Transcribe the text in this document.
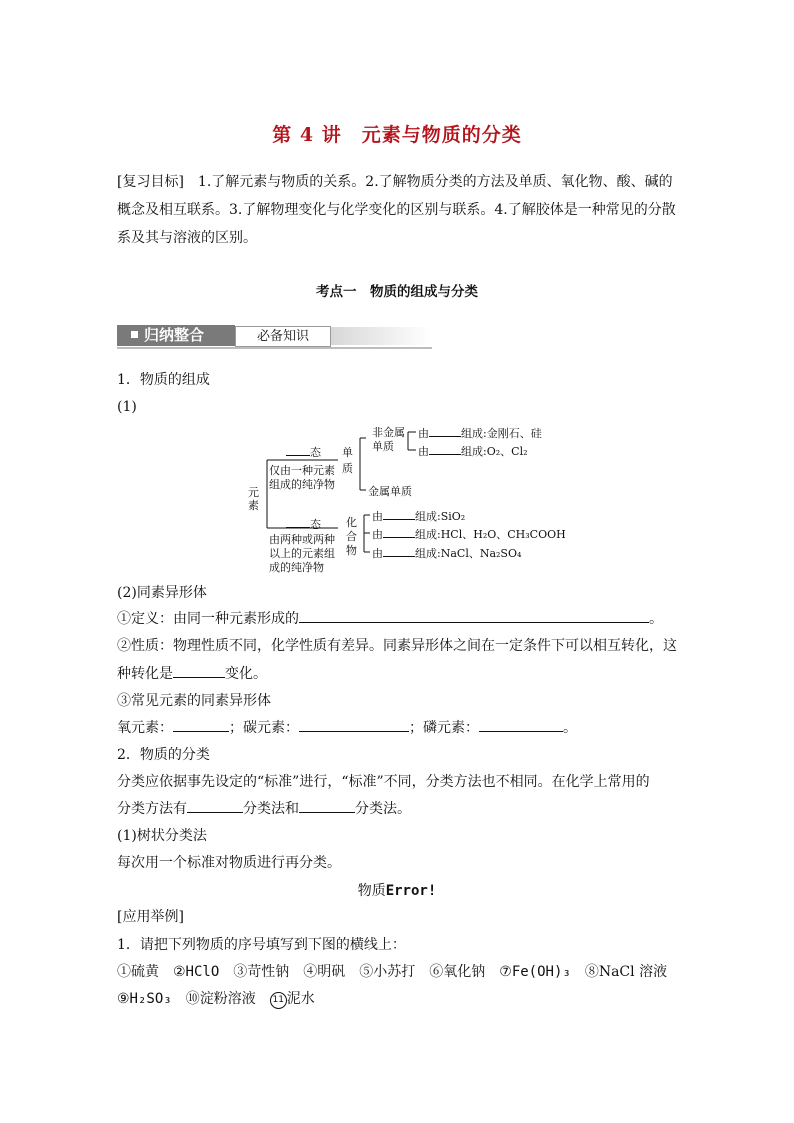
第 4 讲　元素与物质的分类
[复习目标]　1.了解元素与物质的关系。2.了解物质分类的方法及单质、氧化物、酸、碱的
概念及相互联系。3.了解物理变化与化学变化的区别与联系。4.了解胶体是一种常见的分散
系及其与溶液的区别。
考点一　物质的组成与分类
归纳整合	必备知识
1．物质的组成
(1)
元
素
态
仅由一种元素
组成的纯净物
单
质
非金属
单质
金属单质
由	组成:金刚石、硅
由	组成:O₂、Cl₂
态
由两种或两种
以上的元素组
成的纯净物
化
合
物
由	组成:SiO₂
由	组成:HCl、H₂O、CH₃COOH
由	组成:NaCl、Na₂SO₄
(2)同素异形体
①定义：由同一种元素形成的	。
②性质：物理性质不同，化学性质有差异。同素异形体之间在一定条件下可以相互转化，这
种转化是	变化。
③常见元素的同素异形体
氧元素：	；碳元素：	；磷元素：	。
2．物质的分类
分类应依据事先设定的“标准”进行，“标准”不同，分类方法也不相同。在化学上常用的
分类方法有	分类法和	分类法。
(1)树状分类法
每次用一个标准对物质进行再分类。
物质Error!
[应用举例]
1．请把下列物质的序号填写到下图的横线上：
①硫黄　 ②HClO　 ③苛性钠　 ④明矾　 ⑤小苏打　 ⑥氧化钠　 ⑦Fe(OH)₃　 ⑧NaCl 溶液
⑨H₂SO₃　 ⑩淀粉溶液　 11 泥水
